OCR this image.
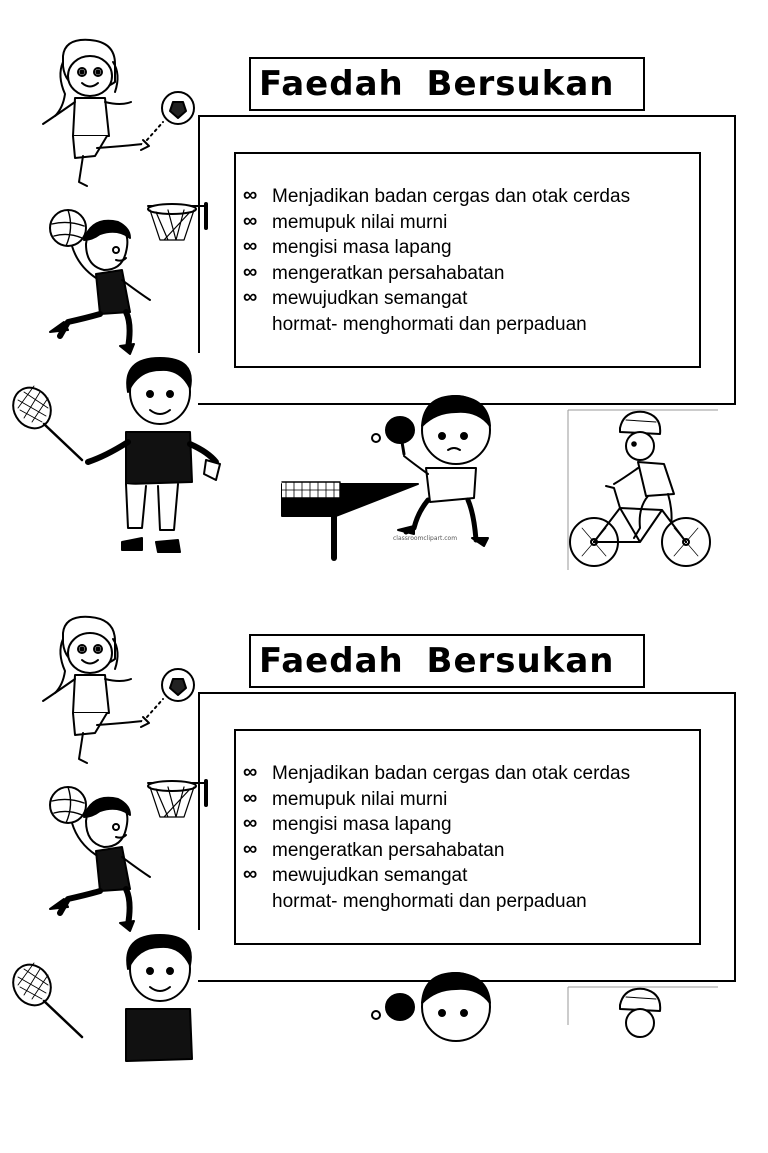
classroomclipart.com
Faedah Bersukan
∞ Menjadikan badan cergas dan otak cerdas
∞ memupuk nilai murni
∞ mengisi masa lapang
∞ mengeratkan persahabatan
∞ mewujudkan semangat
hormat- menghormati dan perpaduan
Faedah Bersukan
∞ Menjadikan badan cergas dan otak cerdas
∞ memupuk nilai murni
∞ mengisi masa lapang
∞ mengeratkan persahabatan
∞ mewujudkan semangat
hormat- menghormati dan perpaduan
